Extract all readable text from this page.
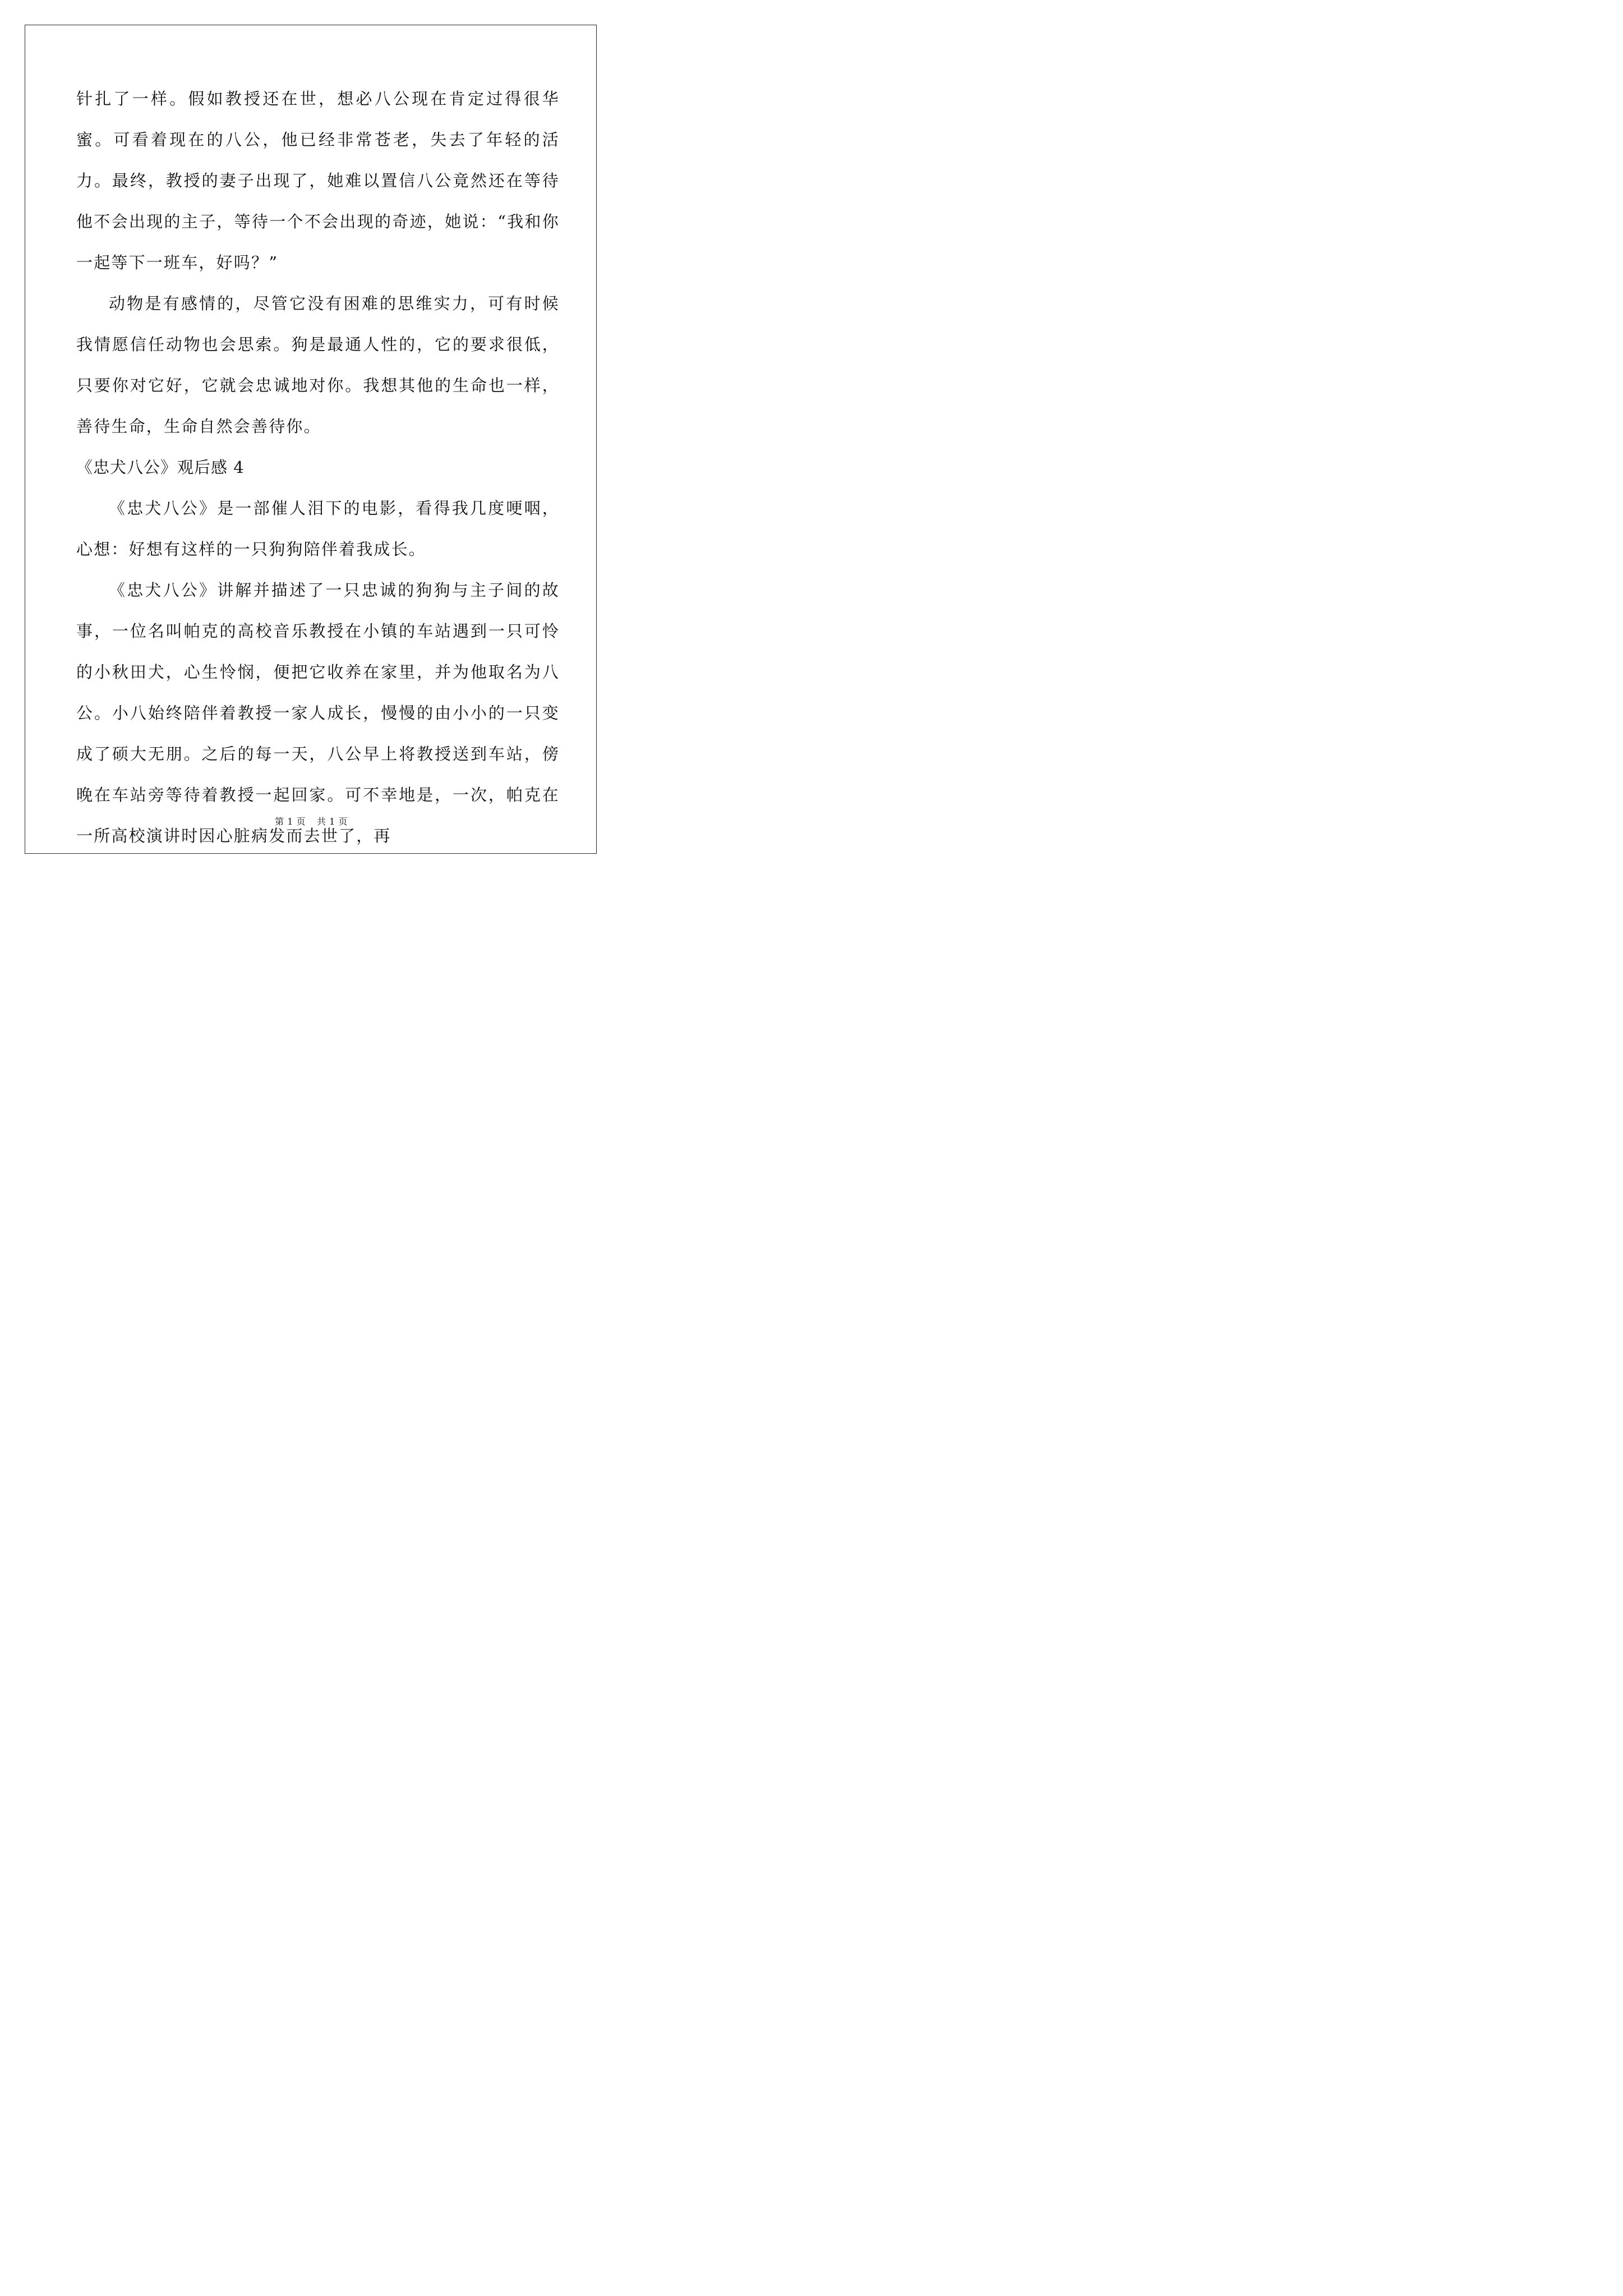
针扎了一样。假如教授还在世，想必八公现在肯定过得很华蜜。可看着现在的八公，他已经非常苍老，失去了年轻的活力。最终，教授的妻子出现了，她难以置信八公竟然还在等待他不会出现的主子，等待一个不会出现的奇迹，她说：“我和你一起等下一班车，好吗？”

动物是有感情的，尽管它没有困难的思维实力，可有时候我情愿信任动物也会思索。狗是最通人性的，它的要求很低，只要你对它好，它就会忠诚地对你。我想其他的生命也一样，善待生命，生命自然会善待你。

《忠犬八公》观后感 4

《忠犬八公》是一部催人泪下的电影，看得我几度哽咽，心想：好想有这样的一只狗狗陪伴着我成长。

《忠犬八公》讲解并描述了一只忠诚的狗狗与主子间的故事，一位名叫帕克的高校音乐教授在小镇的车站遇到一只可怜的小秋田犬，心生怜悯，便把它收养在家里，并为他取名为八公。小八始终陪伴着教授一家人成长，慢慢的由小小的一只变成了硕大无朋。之后的每一天，八公早上将教授送到车站，傍晚在车站旁等待着教授一起回家。可不幸地是，一次，帕克在一所高校演讲时因心脏病发而去世了，再

第 1 页 共 1 页
